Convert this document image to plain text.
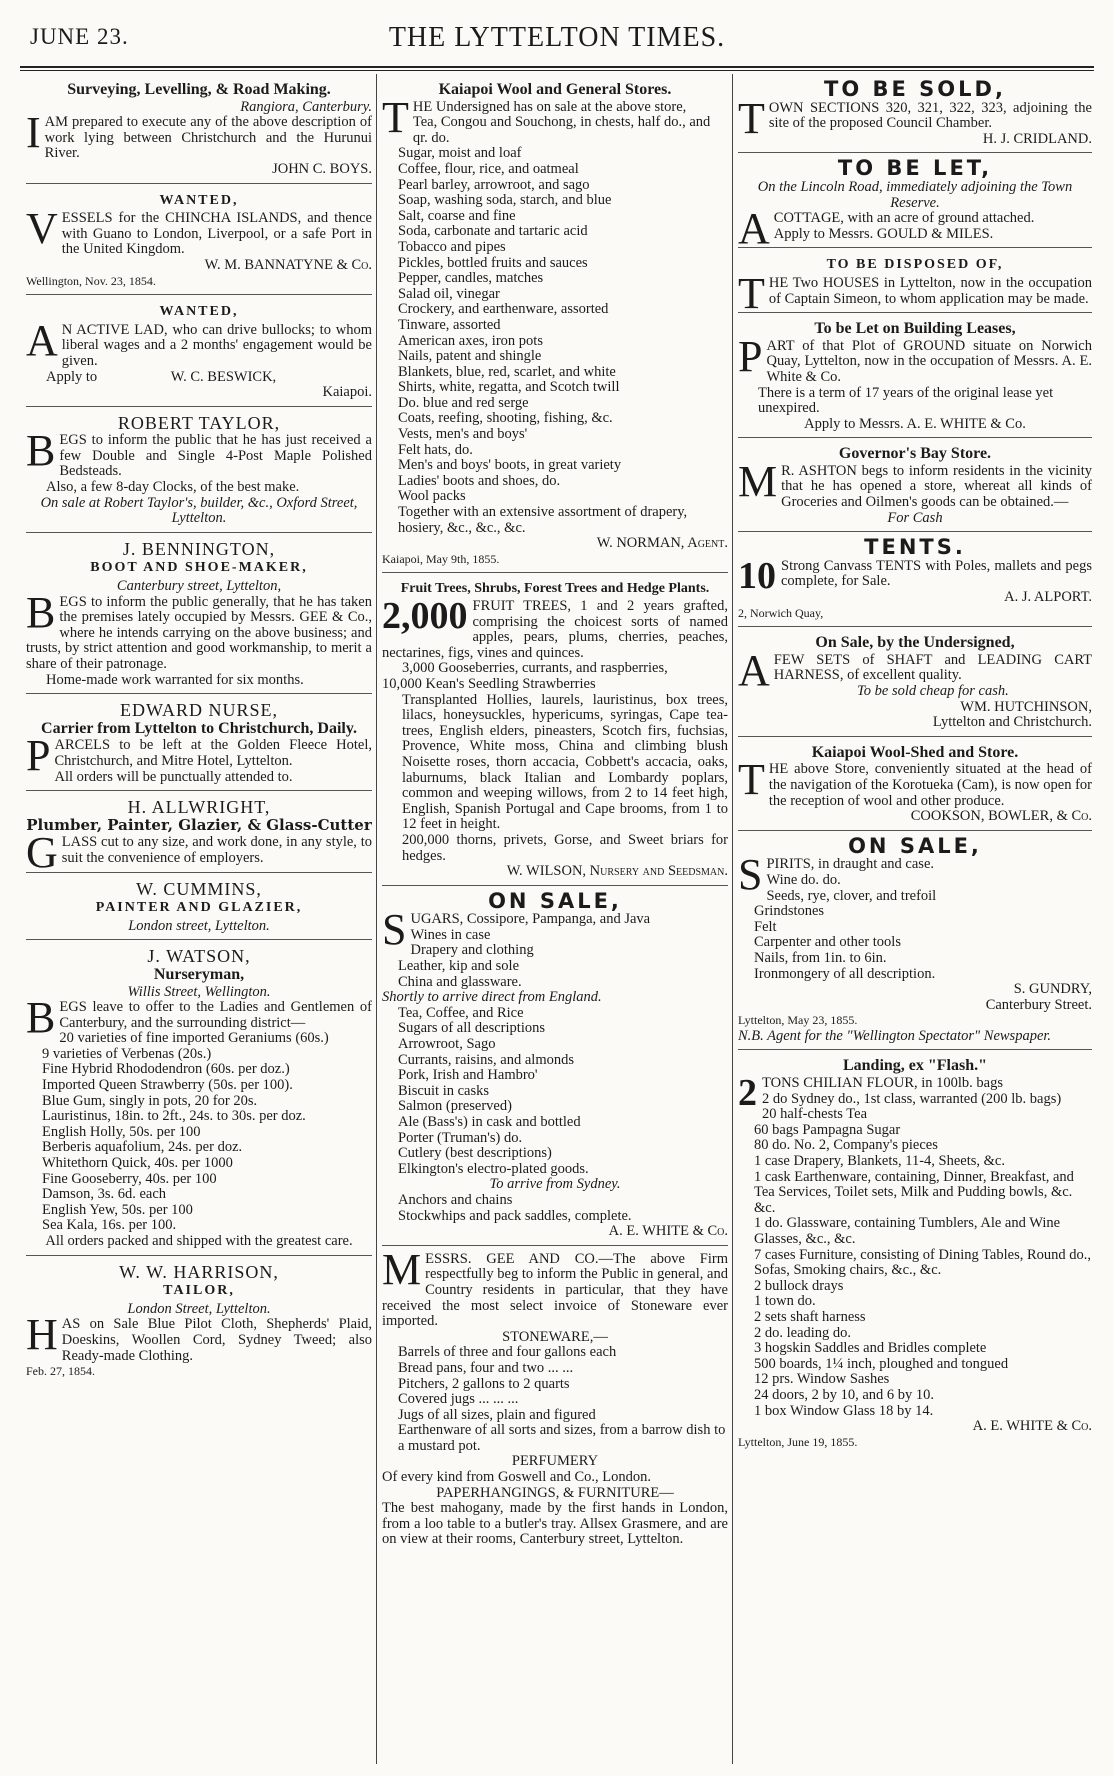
JUNE 23.	THE LYTTELTON TIMES.
Surveying, Levelling, & Road Making.
Rangiora, Canterbury.
IAM prepared to execute any of the above description of work lying between Christchurch and the Hurunui River.
JOHN C. BOYS.
WANTED,
VESSELS for the CHINCHA ISLANDS, and thence with Guano to London, Liverpool, or a safe Port in the United Kingdom.
W. M. BANNATYNE & Co.
Wellington, Nov. 23, 1854.
WANTED,
A N ACTIVE LAD, who can drive bullocks; to whom liberal wages and a 2 months' engagement would be given.
Apply to	W. C. BESWICK,
Kaiapoi.
ROBERT TAYLOR,
BEGS to inform the public that he has just received a few Double and Single 4-Post Maple Polished Bedsteads.
Also, a few 8-day Clocks, of the best make.
On sale at Robert Taylor's, builder, &c., Oxford Street, Lyttelton.
J. BENNINGTON,
BOOT AND SHOE-MAKER,
Canterbury street, Lyttelton,
BEGS to inform the public generally, that he has taken the premises lately occupied by Messrs. GEE & Co., where he intends carrying on the above business; and trusts, by strict attention and good workmanship, to merit a share of their patronage.
Home-made work warranted for six months.
EDWARD NURSE,
Carrier from Lyttelton to Christchurch, Daily.
PARCELS to be left at the Golden Fleece Hotel, Christchurch, and Mitre Hotel, Lyttelton.
All orders will be punctually attended to.
H. ALLWRIGHT,
Plumber, Painter, Glazier, & Glass-Cutter
GLASS cut to any size, and work done, in any style, to suit the convenience of employers.
W. CUMMINS,
PAINTER AND GLAZIER,
London street, Lyttelton.
J. WATSON,
Nurseryman,
Willis Street, Wellington.
BEGS leave to offer to the Ladies and Gentlemen of Canterbury, and the surrounding district—
20 varieties of fine imported Geraniums (60s.)
9 varieties of Verbenas (20s.)
Fine Hybrid Rhododendron (60s. per doz.)
Imported Queen Strawberry (50s. per 100).
Blue Gum, singly in pots, 20 for 20s.
Lauristinus, 18in. to 2ft., 24s. to 30s. per doz.
English Holly, 50s. per 100
Berberis aquafolium, 24s. per doz.
Whitethorn Quick, 40s. per 1000
Fine Gooseberry, 40s. per 100
Damson, 3s. 6d. each
English Yew, 50s. per 100
Sea Kala, 16s. per 100.
All orders packed and shipped with the greatest care.
W. W. HARRISON,
TAILOR,
London Street, Lyttelton.
HAS on Sale Blue Pilot Cloth, Shepherds' Plaid, Doeskins, Woollen Cord, Sydney Tweed; also Ready-made Clothing.
Feb. 27, 1854.
Kaiapoi Wool and General Stores.
THE Undersigned has on sale at the above store,
Tea, Congou and Souchong, in chests, half do., and qr. do.
Sugar, moist and loaf
Coffee, flour, rice, and oatmeal
Pearl barley, arrowroot, and sago
Soap, washing soda, starch, and blue
Salt, coarse and fine
Soda, carbonate and tartaric acid
Tobacco and pipes
Pickles, bottled fruits and sauces
Pepper, candles, matches
Salad oil, vinegar
Crockery, and earthenware, assorted
Tinware, assorted
American axes, iron pots
Nails, patent and shingle
Blankets, blue, red, scarlet, and white
Shirts, white, regatta, and Scotch twill
Do. blue and red serge
Coats, reefing, shooting, fishing, &c.
Vests, men's and boys'
Felt hats, do.
Men's and boys' boots, in great variety
Ladies' boots and shoes, do.
Wool packs
Together with an extensive assortment of drapery, hosiery, &c., &c., &c.
W. NORMAN, Agent.
Kaiapoi, May 9th, 1855.
Fruit Trees, Shrubs, Forest Trees and Hedge Plants.
2,000 FRUIT TREES, 1 and 2 years grafted, comprising the choicest sorts of named apples, pears, plums, cherries, peaches, nectarines, figs, vines and quinces.
3,000 Gooseberries, currants, and raspberries,
10,000 Kean's Seedling Strawberries
Transplanted Hollies, laurels, lauristinus, box trees, lilacs, honeysuckles, hypericums, syringas, Cape tea-trees, English elders, pineasters, Scotch firs, fuchsias, Provence, White moss, China and climbing blush Noisette roses, thorn accacia, Cobbett's accacia, oaks, laburnums, black Italian and Lombardy poplars, common and weeping willows, from 2 to 14 feet high, English, Spanish Portugal and Cape brooms, from 1 to 12 feet in height.
200,000 thorns, privets, Gorse, and Sweet briars for hedges.
W. WILSON, Nursery and Seedsman.
ON SALE,
SUGARS, Cossipore, Pampanga, and Java
Wines in case
Drapery and clothing
Leather, kip and sole
China and glassware.
Shortly to arrive direct from England.
Tea, Coffee, and Rice
Sugars of all descriptions
Arrowroot, Sago
Currants, raisins, and almonds
Pork, Irish and Hambro'
Biscuit in casks
Salmon (preserved)
Ale (Bass's) in cask and bottled
Porter (Truman's) do.
Cutlery (best descriptions)
Elkington's electro-plated goods.
To arrive from Sydney.
Anchors and chains
Stockwhips and pack saddles, complete.
A. E. WHITE & Co.
MESSRS. GEE AND CO.—The above Firm respectfully beg to inform the Public in general, and Country residents in particular, that they have received the most select invoice of Stoneware ever imported.
STONEWARE,—
Barrels of three and four gallons each
Bread pans, four and two ... ...
Pitchers, 2 gallons to 2 quarts
Covered jugs ... ... ...
Jugs of all sizes, plain and figured
Earthenware of all sorts and sizes, from a barrow dish to a mustard pot.
PERFUMERY
Of every kind from Goswell and Co., London.
PAPERHANGINGS, & FURNITURE—
The best mahogany, made by the first hands in London, from a loo table to a butler's tray. Allsex Grasmere, and are on view at their rooms, Canterbury street, Lyttelton.
TO BE SOLD,
TOWN SECTIONS 320, 321, 322, 323, adjoining the site of the proposed Council Chamber.
H. J. CRIDLAND.
TO BE LET,
On the Lincoln Road, immediately adjoining the Town Reserve.
ACOTTAGE, with an acre of ground attached.
Apply to Messrs. GOULD & MILES.
TO BE DISPOSED OF,
THE Two HOUSES in Lyttelton, now in the occupation of Captain Simeon, to whom application may be made.
To be Let on Building Leases,
PART of that Plot of GROUND situate on Norwich Quay, Lyttelton, now in the occupation of Messrs. A. E. White & Co.
There is a term of 17 years of the original lease yet unexpired.
Apply to Messrs. A. E. WHITE & Co.
Governor's Bay Store.
M R. ASHTON begs to inform residents in the vicinity that he has opened a store, whereat all kinds of Groceries and Oilmen's goods can be obtained.—
For Cash
TENTS.
10 Strong Canvass TENTS with Poles, mallets and pegs complete, for Sale.
A. J. ALPORT.
2, Norwich Quay,
On Sale, by the Undersigned,
AFEW SETS of SHAFT and LEADING CART HARNESS, of excellent quality.
To be sold cheap for cash.
WM. HUTCHINSON,
Lyttelton and Christchurch.
Kaiapoi Wool-Shed and Store.
THE above Store, conveniently situated at the head of the navigation of the Korotueka (Cam), is now open for the reception of wool and other produce.
COOKSON, BOWLER, & Co.
ON SALE,
SPIRITS, in draught and case.
Wine do. do.
Seeds, rye, clover, and trefoil
Grindstones
Felt
Carpenter and other tools
Nails, from 1in. to 6in.
Ironmongery of all description.
S. GUNDRY,
Canterbury Street.
Lyttelton, May 23, 1855.
N.B. Agent for the "Wellington Spectator" Newspaper.
Landing, ex "Flash."
2 TONS CHILIAN FLOUR, in 100lb. bags
2 do Sydney do., 1st class, warranted (200 lb. bags)
20 half-chests Tea
60 bags Pampagna Sugar
80 do. No. 2, Company's pieces
1 case Drapery, Blankets, 11-4, Sheets, &c.
1 cask Earthenware, containing, Dinner, Breakfast, and Tea Services, Toilet sets, Milk and Pudding bowls, &c. &c.
1 do. Glassware, containing Tumblers, Ale and Wine Glasses, &c., &c.
7 cases Furniture, consisting of Dining Tables, Round do., Sofas, Smoking chairs, &c., &c.
2 bullock drays
1 town do.
2 sets shaft harness
2 do. leading do.
3 hogskin Saddles and Bridles complete
500 boards, 1¼ inch, ploughed and tongued
12 prs. Window Sashes
24 doors, 2 by 10, and 6 by 10.
1 box Window Glass 18 by 14.
A. E. WHITE & Co.
Lyttelton, June 19, 1855.
